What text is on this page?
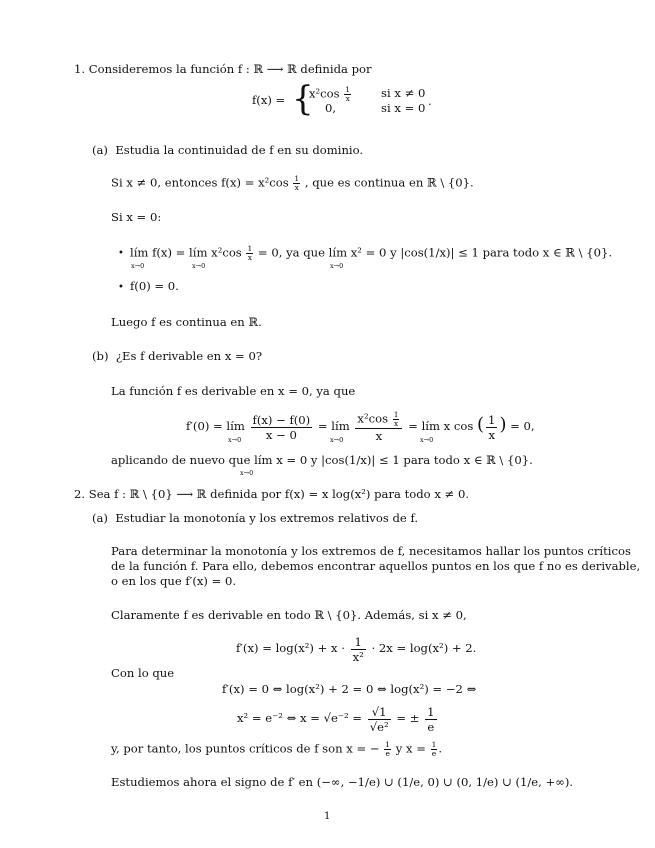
1. Consideremos la función f : ℝ ⟶ ℝ definida por
f(x) = {
$x^2\cos \frac{1}{x}$	si x ≠ 0
0,	si x = 0 .
(a) Estudia la continuidad de f en su dominio.
Si x ≠ 0, entonces $f(x) = x^2\cos \frac{1}{x}$ , que es continua en ℝ \ {0}.
Si x = 0:
• lím f(x) = lím $x^2\cos \frac{1}{x} = 0$, ya que lím x² = 0 y |cos(1/x)| ≤ 1 para todo x ∈ ℝ \ {0}.
x→0	x→0	x→0
• f(0) = 0.
Luego f es continua en ℝ.
(b) ¿Es f derivable en x = 0?
La función f es derivable en x = 0, ya que
f′(0) = lím $\frac{f(x) - f(0)}{x - 0}$ = lím $\frac{x^2\cos \frac{1}{x}}{x}$ = lím x cos ( $\frac{1}{x}$ ) = 0,
x→0	x→0	x→0
aplicando de nuevo que lím x = 0 y |cos(1/x)| ≤ 1 para todo x ∈ ℝ \ {0}.
x→0
2. Sea f : ℝ \ {0} ⟶ ℝ definida por f(x) = x log(x²) para todo x ≠ 0.
(a) Estudiar la monotonía y los extremos relativos de f.
Para determinar la monotonía y los extremos de f, necesitamos hallar los puntos críticos
de la función f. Para ello, debemos encontrar aquellos puntos en los que f no es derivable,
o en los que f′(x) = 0.
Claramente f es derivable en todo ℝ \ {0}. Además, si x ≠ 0,
$f'(x) = \log(x^2) + x \cdot \frac{1}{\text{x²}} \cdot 2x = \log(x^2) + 2$.
Con lo que
f′(x) = 0 ⇔ log(x²) + 2 = 0 ⇔ log(x²) = −2 ⇔
x² = e⁻² ⇔ $x = √e^{-2} = \frac{√1}{\text{√e²}}$ = ± $\frac{1}{e}$
y, por tanto, los puntos críticos de f son x = − $\frac{1}{e}$ y $x = \frac{1}{e}$ .
Estudiemos ahora el signo de f′ en (−∞, −1/e) ∪ (1/e, 0) ∪ (0, 1/e) ∪ (1/e, +∞).
1
